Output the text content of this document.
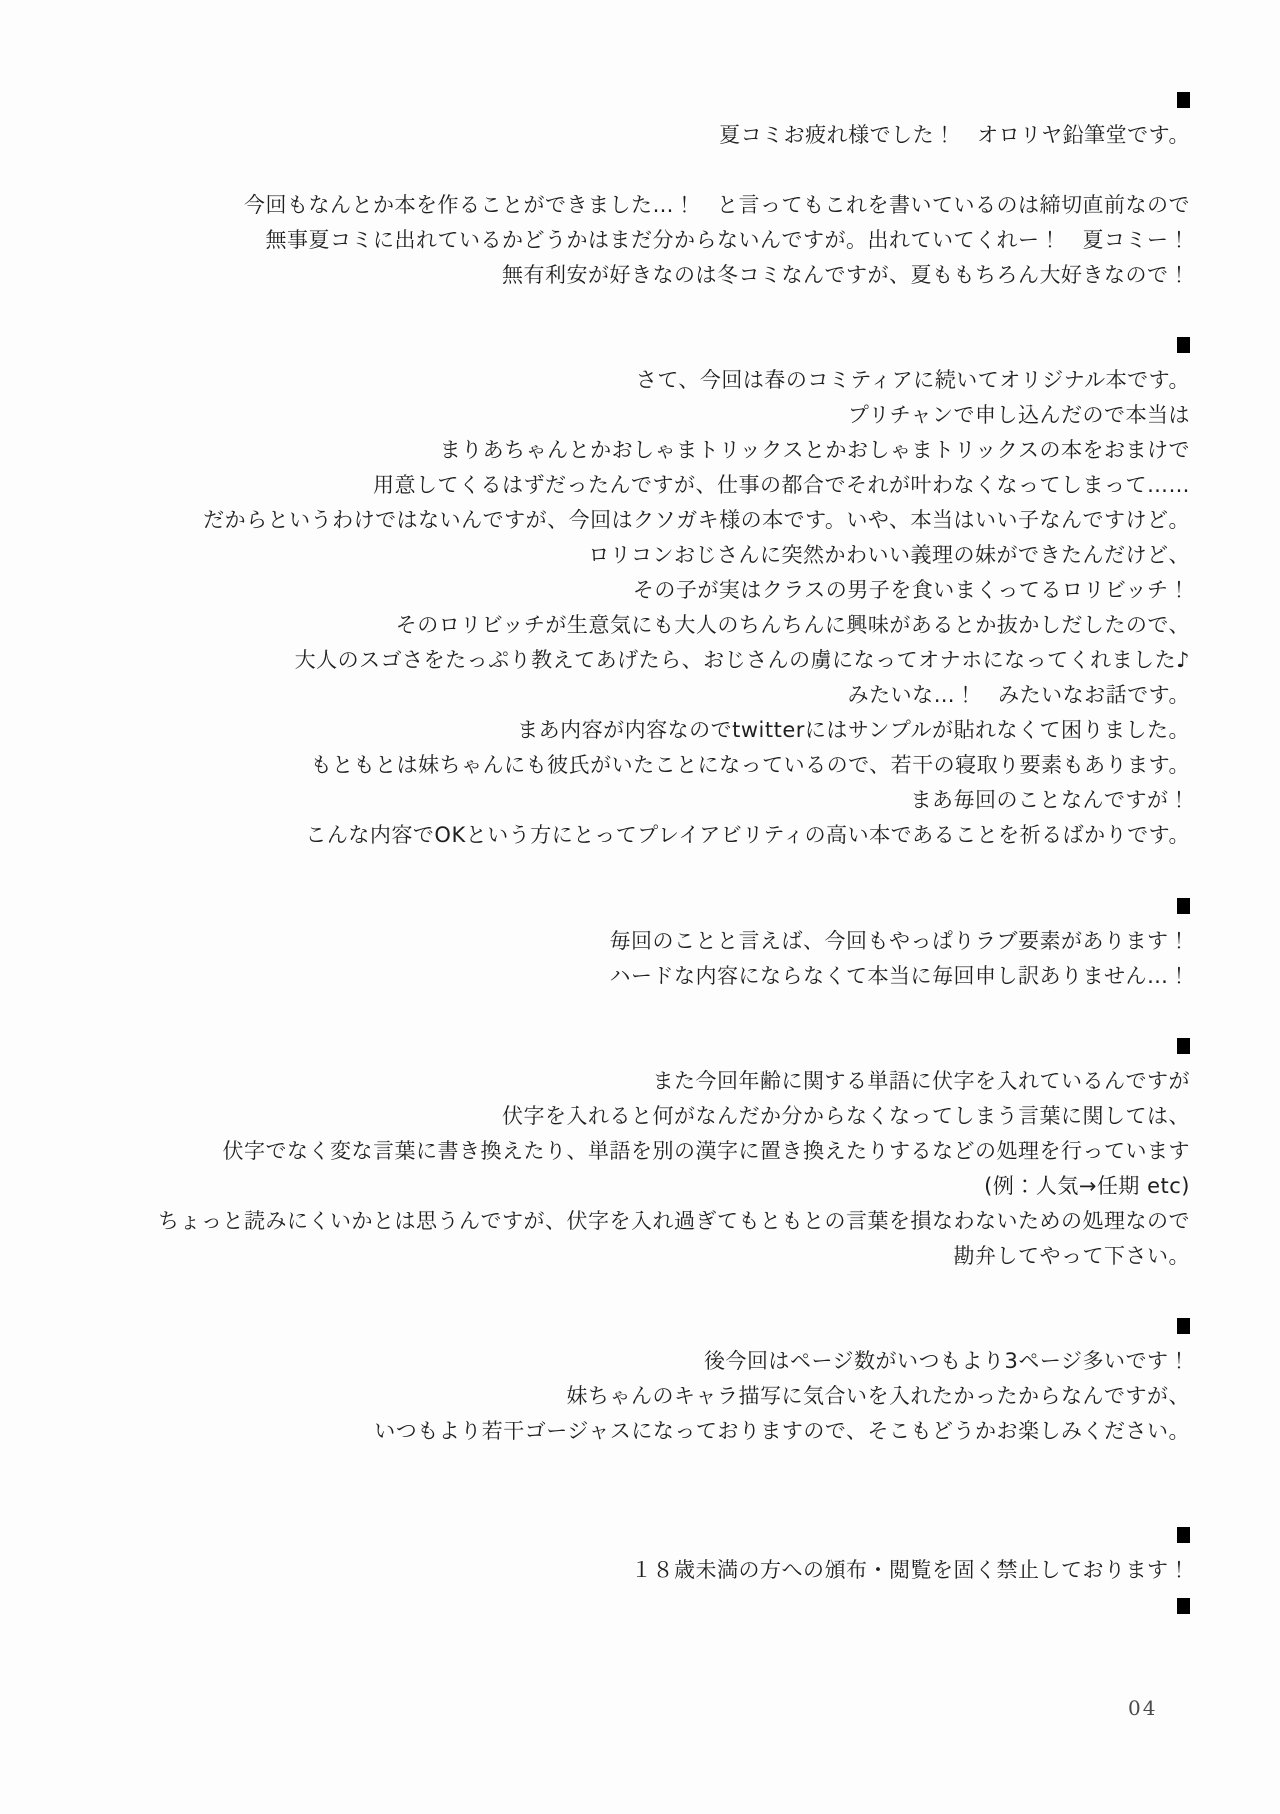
夏コミお疲れ様でした！　オロリヤ鉛筆堂です。
今回もなんとか本を作ることができました…！　と言ってもこれを書いているのは締切直前なので
無事夏コミに出れているかどうかはまだ分からないんですが。出れていてくれー！　夏コミー！
無有利安が好きなのは冬コミなんですが、夏ももちろん大好きなので！
さて、今回は春のコミティアに続いてオリジナル本です。
プリチャンで申し込んだので本当は
まりあちゃんとかおしゃまトリックスとかおしゃまトリックスの本をおまけで
用意してくるはずだったんですが、仕事の都合でそれが叶わなくなってしまって……
だからというわけではないんですが、今回はクソガキ様の本です。いや、本当はいい子なんですけど。
ロリコンおじさんに突然かわいい義理の妹ができたんだけど、
その子が実はクラスの男子を食いまくってるロリビッチ！
そのロリビッチが生意気にも大人のちんちんに興味があるとか抜かしだしたので、
大人のスゴさをたっぷり教えてあげたら、おじさんの虜になってオナホになってくれました♪
みたいな…！　みたいなお話です。
まあ内容が内容なのでtwitterにはサンプルが貼れなくて困りました。
もともとは妹ちゃんにも彼氏がいたことになっているので、若干の寝取り要素もあります。
まあ毎回のことなんですが！
こんな内容でOKという方にとってプレイアビリティの高い本であることを祈るばかりです。
毎回のことと言えば、今回もやっぱりラブ要素があります！
ハードな内容にならなくて本当に毎回申し訳ありません…！
また今回年齢に関する単語に伏字を入れているんですが
伏字を入れると何がなんだか分からなくなってしまう言葉に関しては、
伏字でなく変な言葉に書き換えたり、単語を別の漢字に置き換えたりするなどの処理を行っています
(例：人気→任期 etc)
ちょっと読みにくいかとは思うんですが、伏字を入れ過ぎてもともとの言葉を損なわないための処理なので
勘弁してやって下さい。
後今回はページ数がいつもより3ページ多いです！
妹ちゃんのキャラ描写に気合いを入れたかったからなんですが、
いつもより若干ゴージャスになっておりますので、そこもどうかお楽しみください。
１８歳未満の方への頒布・閲覧を固く禁止しております！
04
